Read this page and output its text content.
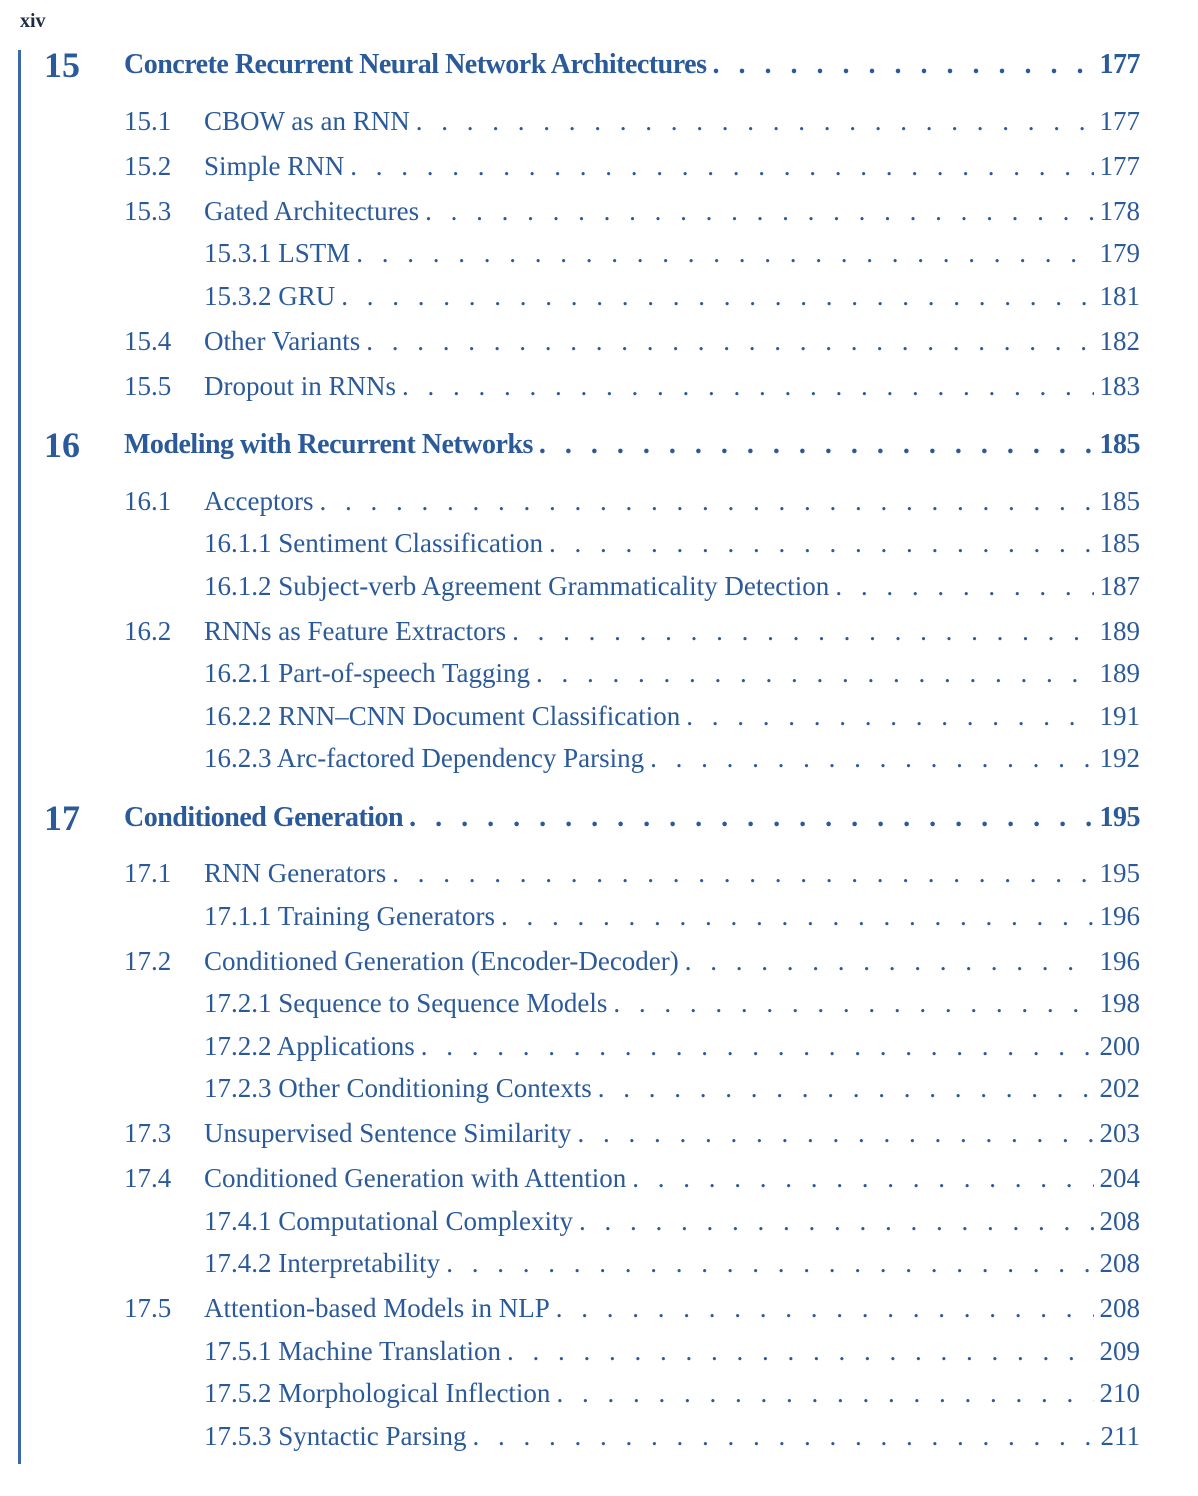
xiv
15 Concrete Recurrent Neural Network Architectures . . .	177
15.1 CBOW as an RNN . . .	177
15.2 Simple RNN . . .	177
15.3 Gated Architectures . . .	178
15.3.1 LSTM . . .	179
15.3.2 GRU . . .	181
15.4 Other Variants . . .	182
15.5 Dropout in RNNs . . .	183
16 Modeling with Recurrent Networks . . .	185
16.1 Acceptors . . .	185
16.1.1 Sentiment Classification . . .	185
16.1.2 Subject-verb Agreement Grammaticality Detection . . .	187
16.2 RNNs as Feature Extractors . . .	189
16.2.1 Part-of-speech Tagging . . .	189
16.2.2 RNN–CNN Document Classification . . .	191
16.2.3 Arc-factored Dependency Parsing . . .	192
17 Conditioned Generation . . .	195
17.1 RNN Generators . . .	195
17.1.1 Training Generators . . .	196
17.2 Conditioned Generation (Encoder-Decoder) . . .	196
17.2.1 Sequence to Sequence Models . . .	198
17.2.2 Applications . . .	200
17.2.3 Other Conditioning Contexts . . .	202
17.3 Unsupervised Sentence Similarity . . .	203
17.4 Conditioned Generation with Attention . . .	204
17.4.1 Computational Complexity . . .	208
17.4.2 Interpretability . . .	208
17.5 Attention-based Models in NLP . . .	208
17.5.1 Machine Translation . . .	209
17.5.2 Morphological Inflection . . .	210
17.5.3 Syntactic Parsing . . .	211
